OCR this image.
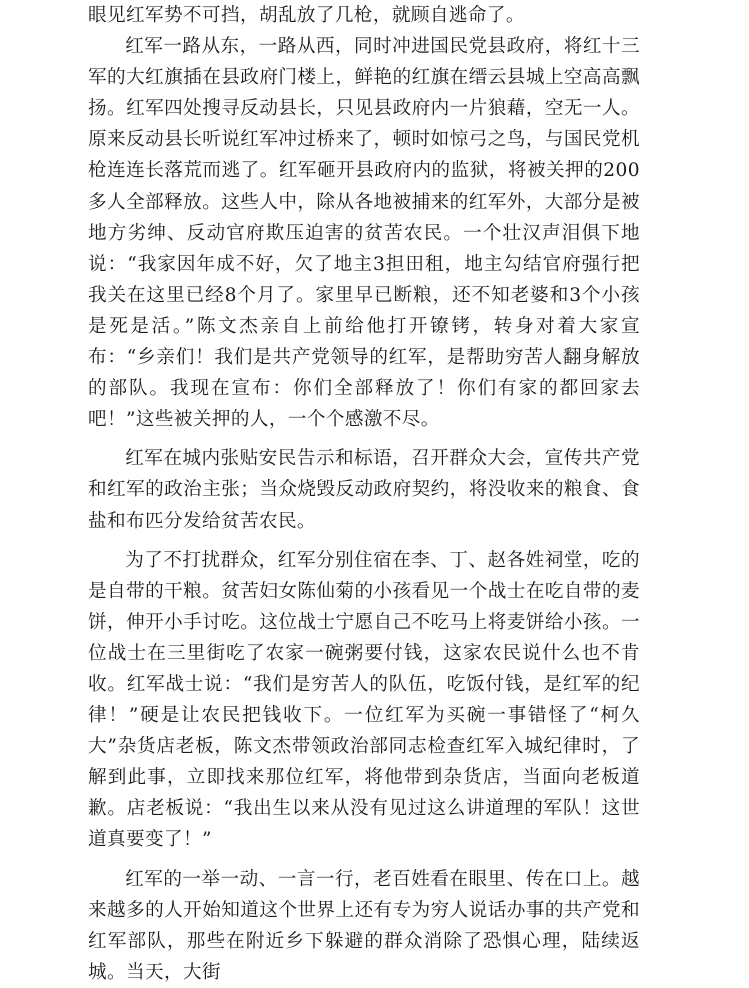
眼见红军势不可挡，胡乱放了几枪，就顾自逃命了。

红军一路从东，一路从西，同时冲进国民党县政府，将红十三军的大红旗插在县政府门楼上，鲜艳的红旗在缙云县城上空高高飘扬。红军四处搜寻反动县长，只见县政府内一片狼藉，空无一人。原来反动县长听说红军冲过桥来了，顿时如惊弓之鸟，与国民党机枪连连长落荒而逃了。红军砸开县政府内的监狱，将被关押的200多人全部释放。这些人中，除从各地被捕来的红军外，大部分是被地方劣绅、反动官府欺压迫害的贫苦农民。一个壮汉声泪俱下地说：“我家因年成不好，欠了地主3担田租，地主勾结官府强行把我关在这里已经8个月了。家里早已断粮，还不知老婆和3个小孩是死是活。”陈文杰亲自上前给他打开镣铐，转身对着大家宣布：“乡亲们！我们是共产党领导的红军，是帮助穷苦人翻身解放的部队。我现在宣布：你们全部释放了！你们有家的都回家去吧！”这些被关押的人，一个个感激不尽。

红军在城内张贴安民告示和标语，召开群众大会，宣传共产党和红军的政治主张；当众烧毁反动政府契约，将没收来的粮食、食盐和布匹分发给贫苦农民。

为了不打扰群众，红军分别住宿在李、丁、赵各姓祠堂，吃的是自带的干粮。贫苦妇女陈仙菊的小孩看见一个战士在吃自带的麦饼，伸开小手讨吃。这位战士宁愿自己不吃马上将麦饼给小孩。一位战士在三里街吃了农家一碗粥要付钱，这家农民说什么也不肯收。红军战士说：“我们是穷苦人的队伍，吃饭付钱，是红军的纪律！”硬是让农民把钱收下。一位红军为买碗一事错怪了“柯久大”杂货店老板，陈文杰带领政治部同志检查红军入城纪律时，了解到此事，立即找来那位红军，将他带到杂货店，当面向老板道歉。店老板说：“我出生以来从没有见过这么讲道理的军队！这世道真要变了！”

红军的一举一动、一言一行，老百姓看在眼里、传在口上。越来越多的人开始知道这个世界上还有专为穷人说话办事的共产党和红军部队，那些在附近乡下躲避的群众消除了恐惧心理，陆续返城。当天，大街
